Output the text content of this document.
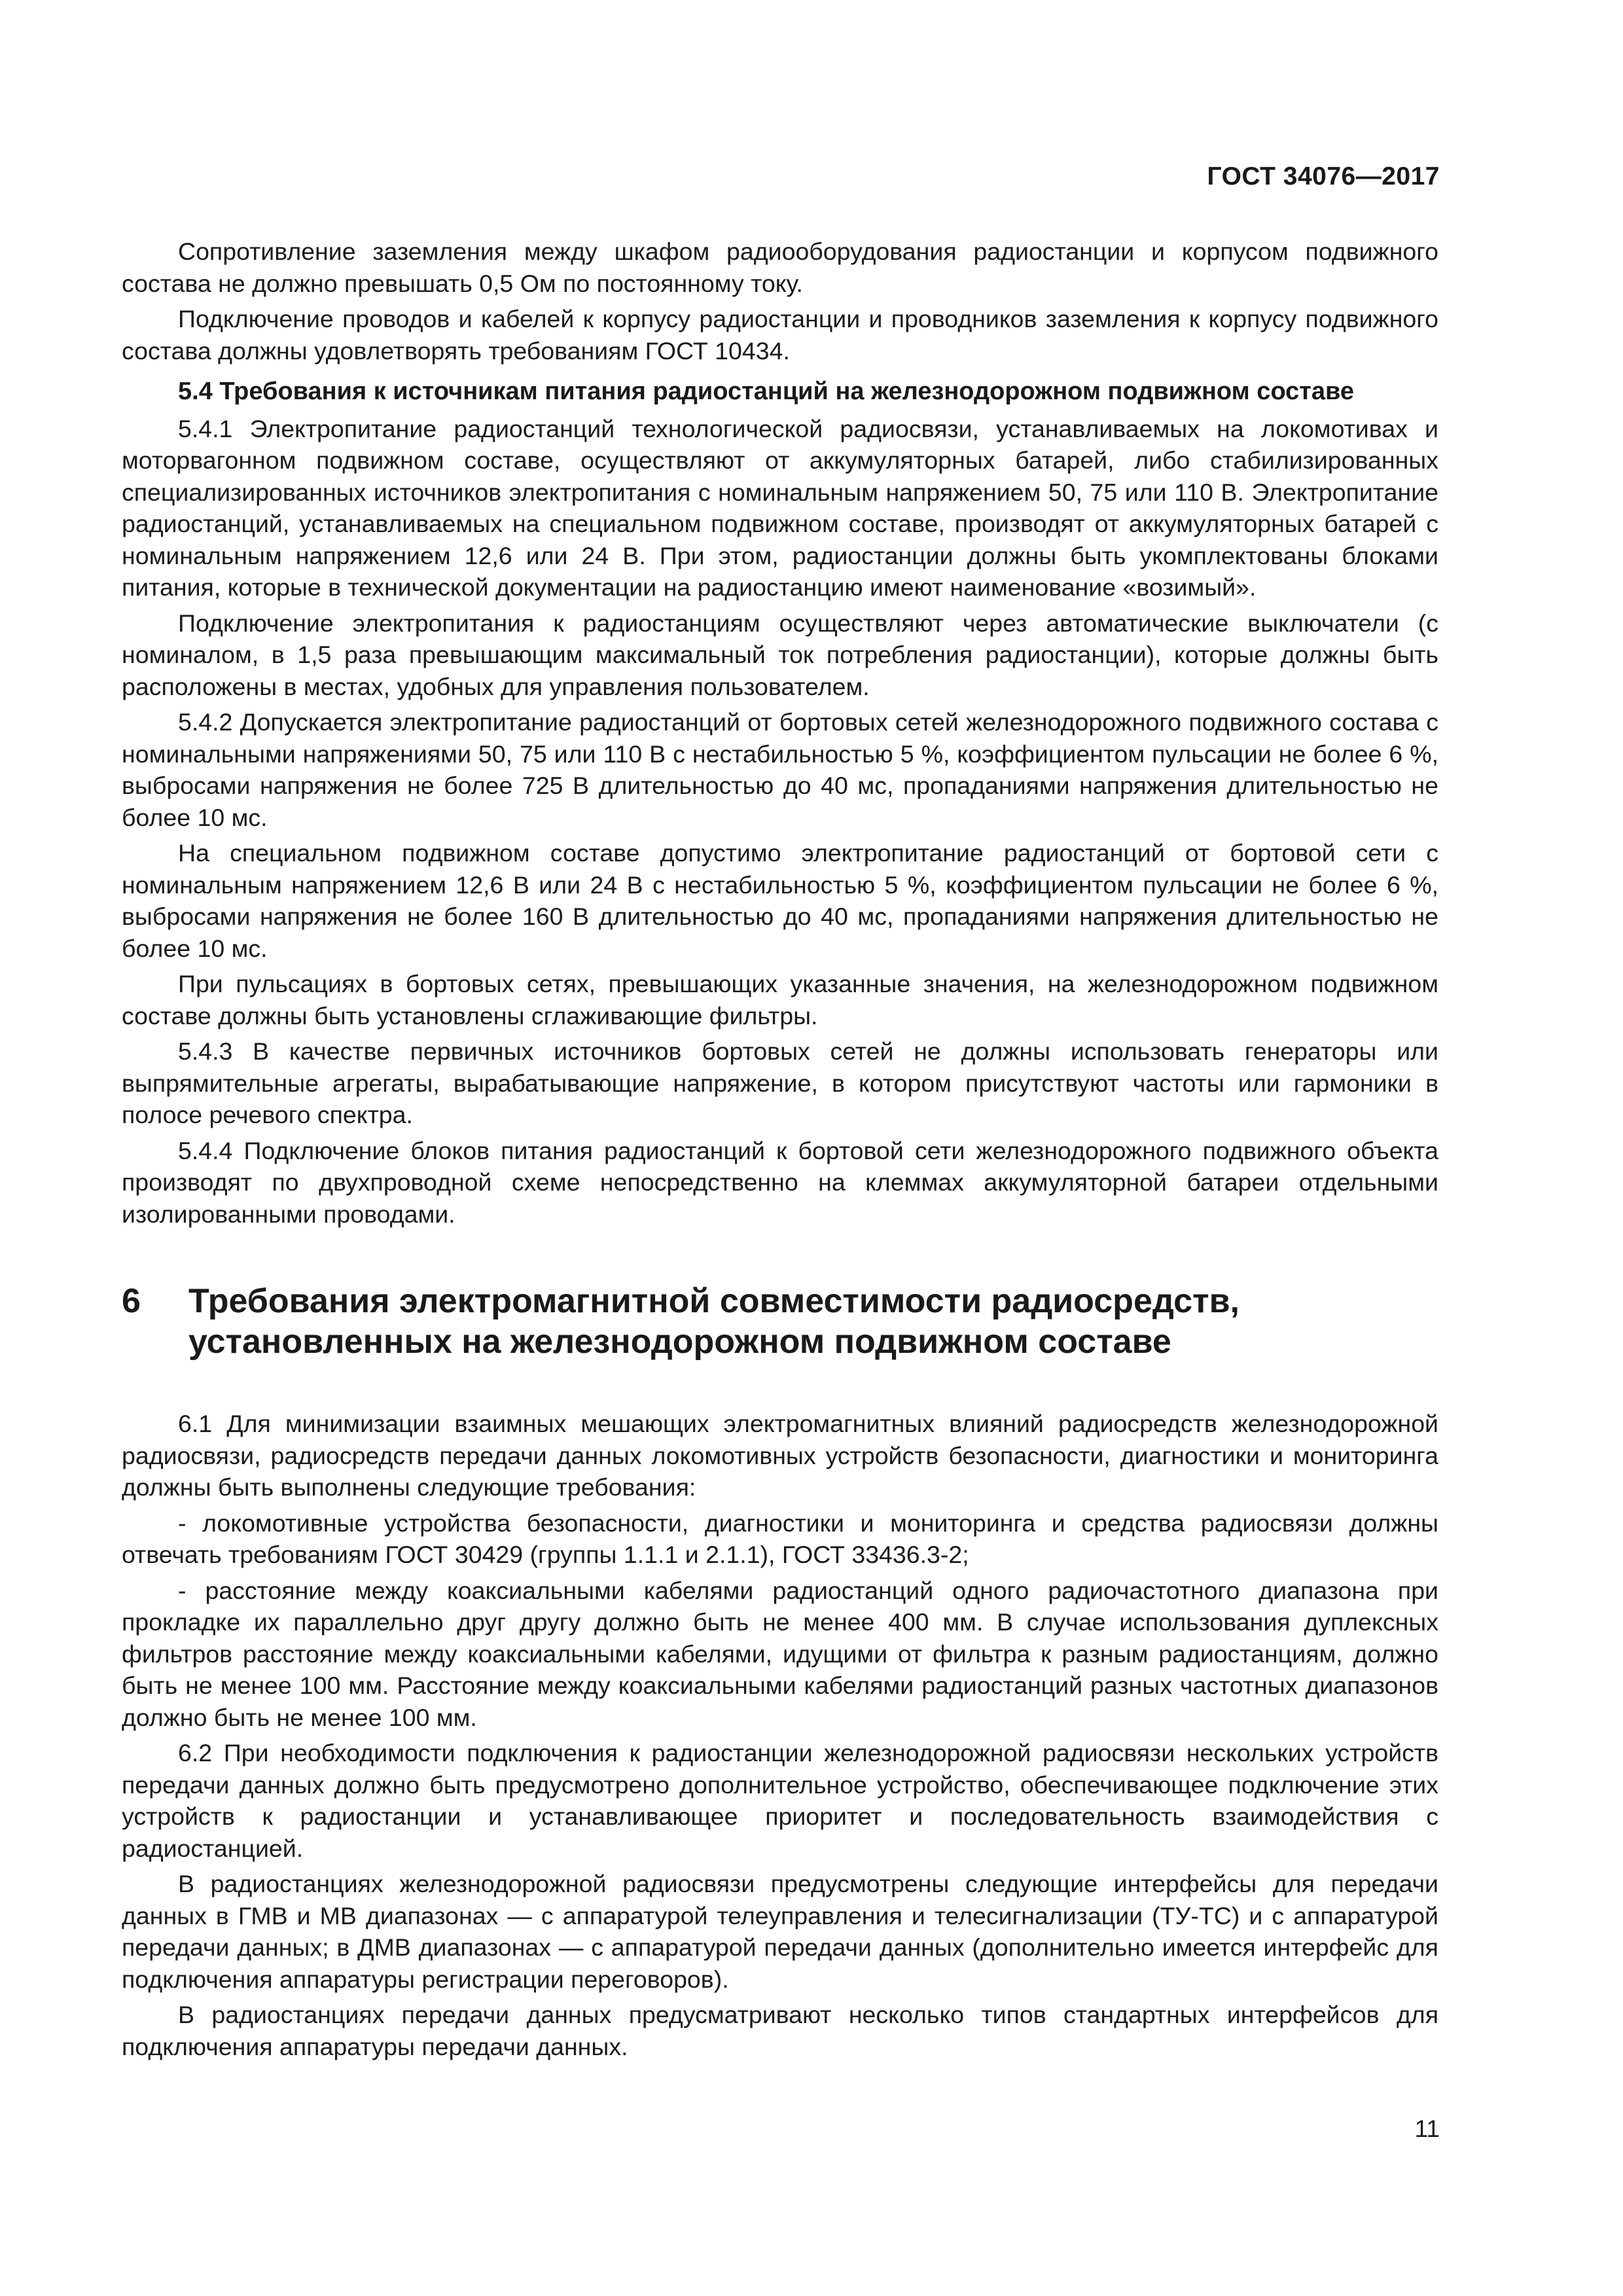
ГОСТ 34076—2017

Сопротивление заземления между шкафом радиооборудования радиостанции и корпусом подвижного состава не должно превышать 0,5 Ом по постоянному току.

Подключение проводов и кабелей к корпусу радиостанции и проводников заземления к корпусу подвижного состава должны удовлетворять требованиям ГОСТ 10434.

5.4 Требования к источникам питания радиостанций на железнодорожном подвижном составе

5.4.1 Электропитание радиостанций технологической радиосвязи, устанавливаемых на локомотивах и моторвагонном подвижном составе, осуществляют от аккумуляторных батарей, либо стабилизированных специализированных источников электропитания с номинальным напряжением 50, 75 или 110 В. Электропитание радиостанций, устанавливаемых на специальном подвижном составе, производят от аккумуляторных батарей с номинальным напряжением 12,6 или 24 В. При этом, радиостанции должны быть укомплектованы блоками питания, которые в технической документации на радиостанцию имеют наименование «возимый».

Подключение электропитания к радиостанциям осуществляют через автоматические выключатели (с номиналом, в 1,5 раза превышающим максимальный ток потребления радиостанции), которые должны быть расположены в местах, удобных для управления пользователем.

5.4.2 Допускается электропитание радиостанций от бортовых сетей железнодорожного подвижного состава с номинальными напряжениями 50, 75 или 110 В с нестабильностью 5 %, коэффициентом пульсации не более 6 %, выбросами напряжения не более 725 В длительностью до 40 мс, пропаданиями напряжения длительностью не более 10 мс.

На специальном подвижном составе допустимо электропитание радиостанций от бортовой сети с номинальным напряжением 12,6 В или 24 В с нестабильностью 5 %, коэффициентом пульсации не более 6 %, выбросами напряжения не более 160 В длительностью до 40 мс, пропаданиями напряжения длительностью не более 10 мс.

При пульсациях в бортовых сетях, превышающих указанные значения, на железнодорожном подвижном составе должны быть установлены сглаживающие фильтры.

5.4.3 В качестве первичных источников бортовых сетей не должны использовать генераторы или выпрямительные агрегаты, вырабатывающие напряжение, в котором присутствуют частоты или гармоники в полосе речевого спектра.

5.4.4 Подключение блоков питания радиостанций к бортовой сети железнодорожного подвижного объекта производят по двухпроводной схеме непосредственно на клеммах аккумуляторной батареи отдельными изолированными проводами.

6 Требования электромагнитной совместимости радиосредств, установленных на железнодорожном подвижном составе

6.1 Для минимизации взаимных мешающих электромагнитных влияний радиосредств железнодорожной радиосвязи, радиосредств передачи данных локомотивных устройств безопасности, диагностики и мониторинга должны быть выполнены следующие требования:

- локомотивные устройства безопасности, диагностики и мониторинга и средства радиосвязи должны отвечать требованиям ГОСТ 30429 (группы 1.1.1 и 2.1.1), ГОСТ 33436.3-2;

- расстояние между коаксиальными кабелями радиостанций одного радиочастотного диапазона при прокладке их параллельно друг другу должно быть не менее 400 мм. В случае использования дуплексных фильтров расстояние между коаксиальными кабелями, идущими от фильтра к разным радиостанциям, должно быть не менее 100 мм. Расстояние между коаксиальными кабелями радиостанций разных частотных диапазонов должно быть не менее 100 мм.

6.2 При необходимости подключения к радиостанции железнодорожной радиосвязи нескольких устройств передачи данных должно быть предусмотрено дополнительное устройство, обеспечивающее подключение этих устройств к радиостанции и устанавливающее приоритет и последовательность взаимодействия с радиостанцией.

В радиостанциях железнодорожной радиосвязи предусмотрены следующие интерфейсы для передачи данных в ГМВ и МВ диапазонах — с аппаратурой телеуправления и телесигнализации (ТУ-ТС) и с аппаратурой передачи данных; в ДМВ диапазонах — с аппаратурой передачи данных (дополнительно имеется интерфейс для подключения аппаратуры регистрации переговоров).

В радиостанциях передачи данных предусматривают несколько типов стандартных интерфейсов для подключения аппаратуры передачи данных.

11
